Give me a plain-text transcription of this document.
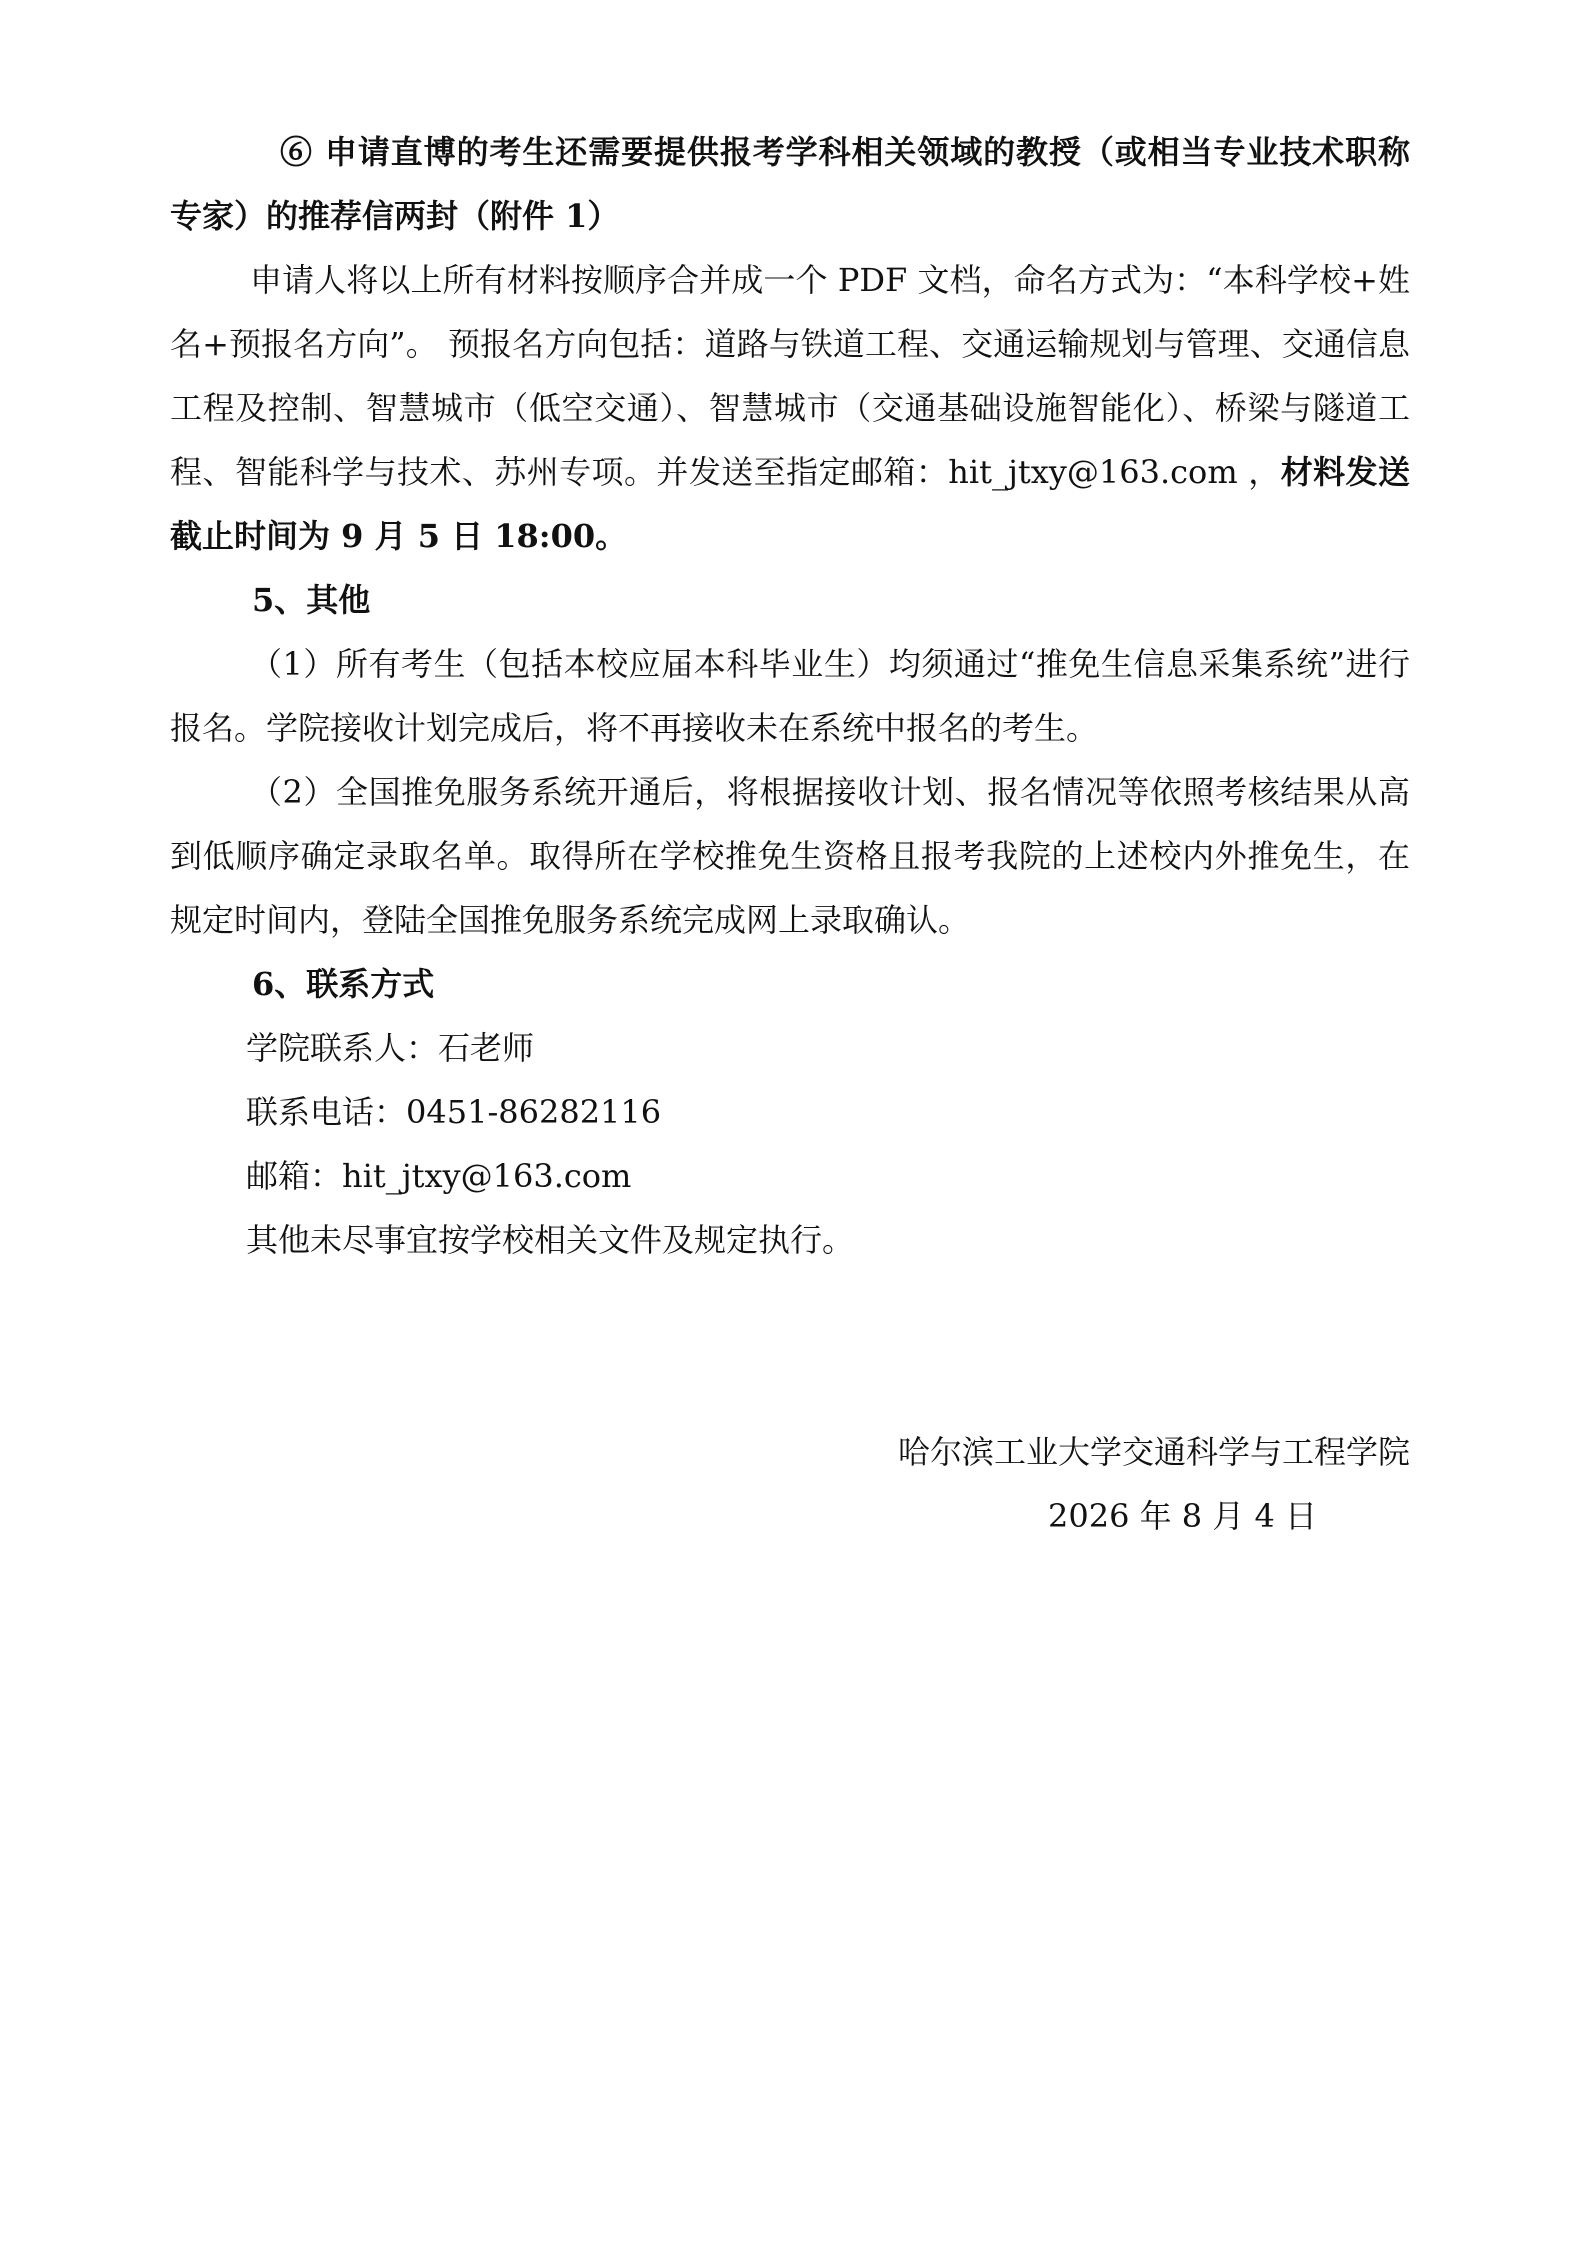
⑥ 申请直博的考生还需要提供报考学科相关领域的教授（或相当专业技术职称专家）的推荐信两封（附件 1）

申请人将以上所有材料按顺序合并成一个 PDF 文档，命名方式为：“本科学校+姓名+预报名方向”。 预报名方向包括：道路与铁道工程、交通运输规划与管理、交通信息工程及控制、智慧城市（低空交通）、智慧城市（交通基础设施智能化）、桥梁与隧道工程、智能科学与技术、苏州专项。并发送至指定邮箱：hit_jtxy@163.com ，材料发送截止时间为 9 月 5 日 18:00。

5、其他

（1）所有考生（包括本校应届本科毕业生）均须通过“推免生信息采集系统”进行报名。学院接收计划完成后，将不再接收未在系统中报名的考生。

（2）全国推免服务系统开通后，将根据接收计划、报名情况等依照考核结果从高到低顺序确定录取名单。取得所在学校推免生资格且报考我院的上述校内外推免生，在规定时间内，登陆全国推免服务系统完成网上录取确认。

6、联系方式

学院联系人：石老师

联系电话：0451-86282116

邮箱：hit_jtxy@163.com

其他未尽事宜按学校相关文件及规定执行。

哈尔滨工业大学交通科学与工程学院

2026 年 8 月 4 日
